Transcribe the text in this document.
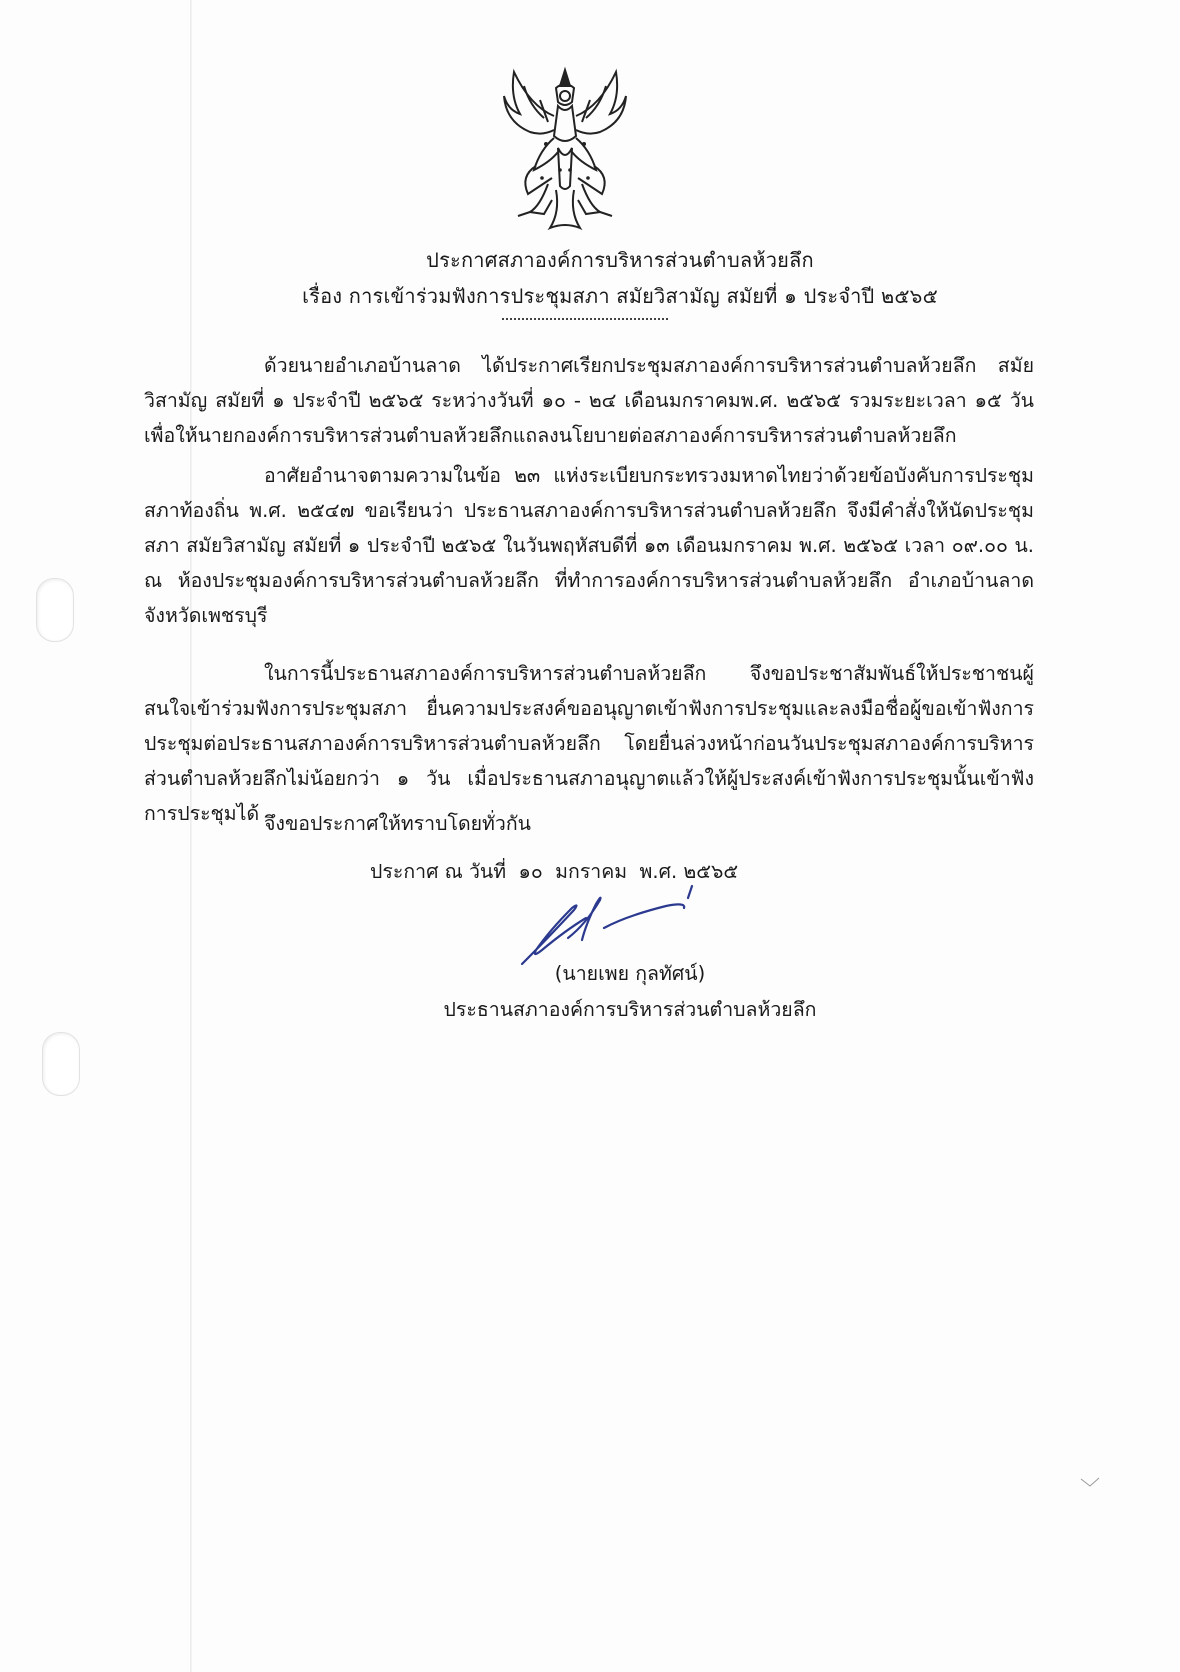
ประกาศสภาองค์การบริหารส่วนตำบลห้วยลึก
เรื่อง การเข้าร่วมฟังการประชุมสภา สมัยวิสามัญ สมัยที่ ๑ ประจำปี ๒๕๖๕
ด้วยนายอำเภอบ้านลาด ได้ประกาศเรียกประชุมสภาองค์การบริหารส่วนตำบลห้วยลึก สมัยวิสามัญ สมัยที่ ๑ ประจำปี ๒๕๖๕ ระหว่างวันที่ ๑๐ - ๒๔ เดือนมกราคมพ.ศ. ๒๕๖๕ รวมระยะเวลา ๑๕ วัน เพื่อให้นายกองค์การบริหารส่วนตำบลห้วยลึกแถลงนโยบายต่อสภาองค์การบริหารส่วนตำบลห้วยลึก
อาศัยอำนาจตามความในข้อ ๒๓ แห่งระเบียบกระทรวงมหาดไทยว่าด้วยข้อบังคับการประชุมสภาท้องถิ่น พ.ศ. ๒๕๔๗ ขอเรียนว่า ประธานสภาองค์การบริหารส่วนตำบลห้วยลึก จึงมีคำสั่งให้นัดประชุมสภา สมัยวิสามัญ สมัยที่ ๑ ประจำปี ๒๕๖๕ ในวันพฤหัสบดีที่ ๑๓ เดือนมกราคม พ.ศ. ๒๕๖๕ เวลา ๐๙.๐๐ น. ณ ห้องประชุมองค์การบริหารส่วนตำบลห้วยลึก ที่ทำการองค์การบริหารส่วนตำบลห้วยลึก อำเภอบ้านลาด จังหวัดเพชรบุรี
ในการนี้ประธานสภาองค์การบริหารส่วนตำบลห้วยลึก จึงขอประชาสัมพันธ์ให้ประชาชนผู้สนใจเข้าร่วมฟังการประชุมสภา ยื่นความประสงค์ขออนุญาตเข้าฟังการประชุมและลงมือชื่อผู้ขอเข้าฟังการประชุมต่อประธานสภาองค์การบริหารส่วนตำบลห้วยลึก โดยยื่นล่วงหน้าก่อนวันประชุมสภาองค์การบริหารส่วนตำบลห้วยลึกไม่น้อยกว่า ๑ วัน เมื่อประธานสภาอนุญาตแล้วให้ผู้ประสงค์เข้าฟังการประชุมนั้นเข้าฟังการประชุมได้ จึงขอประกาศให้ทราบโดยทั่วกัน
ประกาศ ณ วันที่  ๑๐  มกราคม  พ.ศ. ๒๕๖๕
(นายเพย กุลทัศน์)
ประธานสภาองค์การบริหารส่วนตำบลห้วยลึก
